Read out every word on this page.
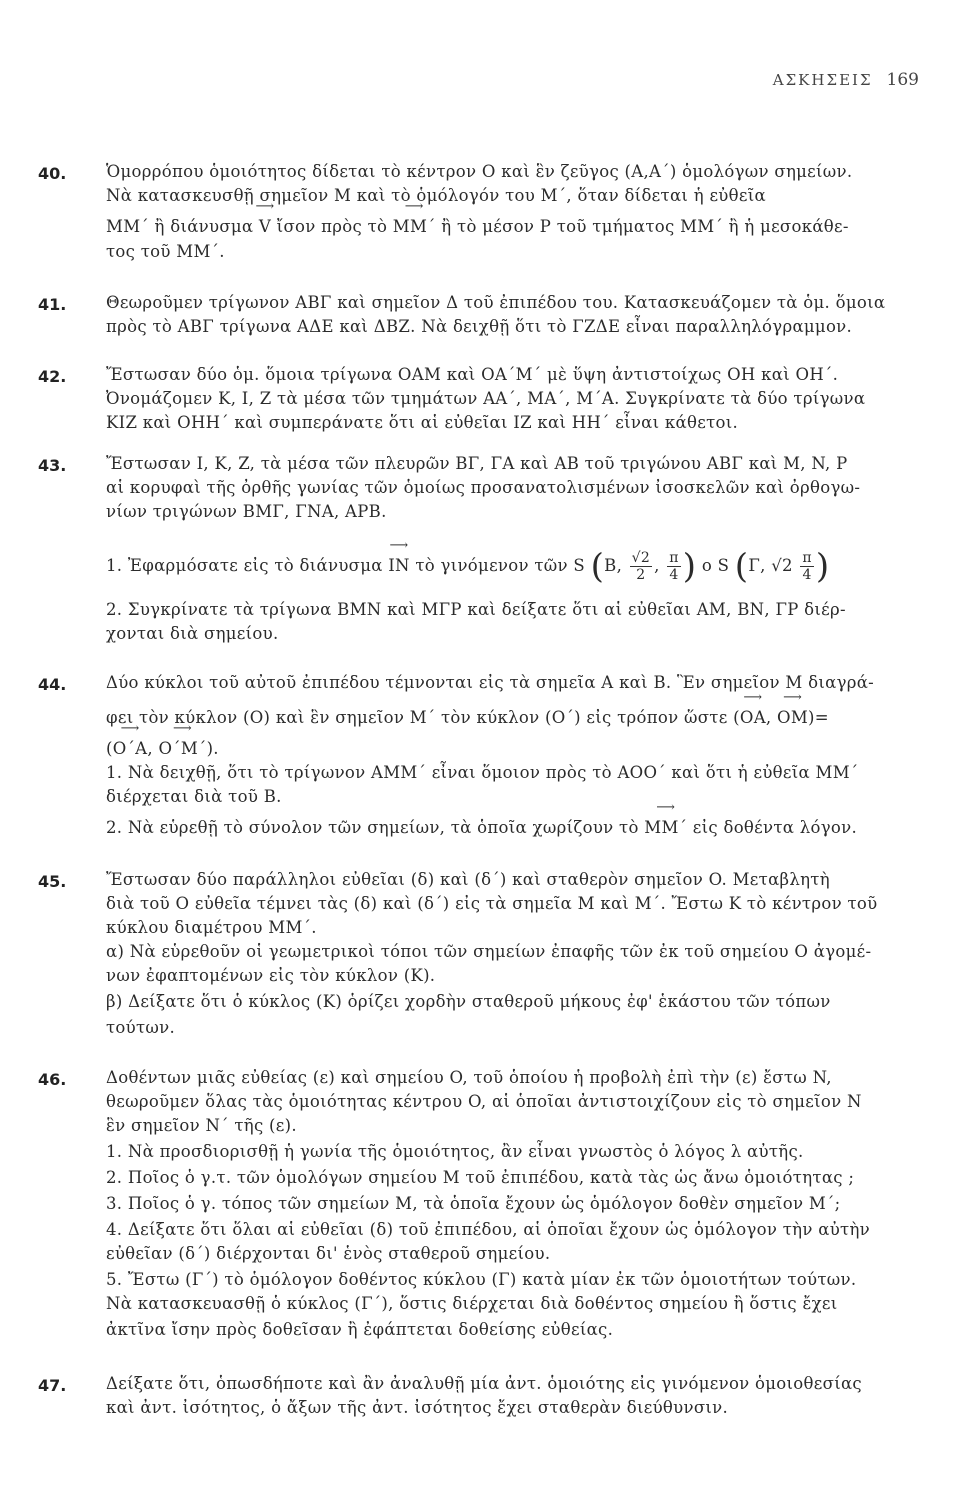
ΑΣΚΗΣΕΙΣ 169
40. Ὁμορρόπου ὁμοιότητος δίδεται τὸ κέντρον O καὶ ἓν ζεῦγος (A,A΄) ὁμολόγων σημείων.
Νὰ κατασκευσθῇ σημεῖον M καὶ τὸ ὁμόλογόν του M΄, ὅταν δίδεται ἡ εὐθεῖα
MM΄ ἢ διάνυσμα ⟶ V ἴσον πρὸς τὸ ⟶ MM΄ ἢ τὸ μέσον P τοῦ τμήματος MM΄ ἢ ἡ μεσοκάθε-
τος τοῦ MM΄.
41. Θεωροῦμεν τρίγωνον ΑΒΓ καὶ σημεῖον Δ τοῦ ἐπιπέδου του. Κατασκευάζομεν τὰ ὁμ. ὅμοια
πρὸς τὸ ΑΒΓ τρίγωνα ΑΔΕ καὶ ΔΒΖ. Νὰ δειχθῇ ὅτι τὸ ΓΖΔΕ εἶναι παραλληλόγραμμον.
42. Ἔστωσαν δύο ὁμ. ὅμοια τρίγωνα ΟΑΜ καὶ ΟΑ΄Μ΄ μὲ ὕψη ἀντιστοίχως ΟΗ καὶ ΟΗ΄.
Ὀνομάζομεν K, I, Z τὰ μέσα τῶν τμημάτων ΑΑ΄, ΜΑ΄, Μ΄Α. Συγκρίνατε τὰ δύο τρίγωνα
ΚΙΖ καὶ ΟΗΗ΄ καὶ συμπεράνατε ὅτι αἱ εὐθεῖαι ΙΖ καὶ ΗΗ΄ εἶναι κάθετοι.
43. Ἔστωσαν I, K, Z, τὰ μέσα τῶν πλευρῶν ΒΓ, ΓΑ καὶ ΑΒ τοῦ τριγώνου ΑΒΓ καὶ M, N, P
αἱ κορυφαὶ τῆς ὀρθῆς γωνίας τῶν ὁμοίως προσανατολισμένων ἰσοσκελῶν καὶ ὀρθογω-
νίων τριγώνων ΒΜΓ, ΓΝΑ, ΑΡΒ.
1. Ἐφαρμόσατε εἰς τὸ διάνυσμα ⟶ IN τὸ γινόμενον τῶν S (B, $\frac{√2}{2}$ , $\frac{\pi}{4}$ ) o S (Γ, $√2 \frac{\pi}{4}$ )
2. Συγκρίνατε τὰ τρίγωνα ΒΜΝ καὶ ΜΓΡ καὶ δείξατε ὅτι αἱ εὐθεῖαι ΑΜ, ΒΝ, ΓΡ διέρ-
χονται διὰ σημείου.
44. Δύο κύκλοι τοῦ αὐτοῦ ἐπιπέδου τέμνονται εἰς τὰ σημεῖα A καὶ B. Ἓν σημεῖον M διαγρά-
φει τὸν κύκλον (O) καὶ ἓν σημεῖον M΄ τὸν κύκλον (O΄) εἰς τρόπον ὥστε (⟶ OA, ⟶ OM)=
(⟶ O΄A, ⟶ O΄M΄).
1. Νὰ δειχθῇ, ὅτι τὸ τρίγωνον ΑΜΜ΄ εἶναι ὅμοιον πρὸς τὸ ΑΟΟ΄ καὶ ὅτι ἡ εὐθεῖα ΜΜ΄
διέρχεται διὰ τοῦ B.
2. Νὰ εὑρεθῇ τὸ σύνολον τῶν σημείων, τὰ ὁποῖα χωρίζουν τὸ ⟶ MM΄ εἰς δοθέντα λόγον.
45. Ἔστωσαν δύο παράλληλοι εὐθεῖαι (δ) καὶ (δ΄) καὶ σταθερὸν σημεῖον O. Μεταβλητὴ
διὰ τοῦ O εὐθεῖα τέμνει τὰς (δ) καὶ (δ΄) εἰς τὰ σημεῖα M καὶ M΄. Ἔστω K τὸ κέντρον τοῦ
κύκλου διαμέτρου MM΄.
α) Νὰ εὑρεθοῦν οἱ γεωμετρικοὶ τόποι τῶν σημείων ἐπαφῆς τῶν ἐκ τοῦ σημείου O ἀγομέ-
νων ἐφαπτομένων εἰς τὸν κύκλον (K).
β) Δείξατε ὅτι ὁ κύκλος (K) ὁρίζει χορδὴν σταθεροῦ μήκους ἐφ' ἑκάστου τῶν τόπων
τούτων.
46. Δοθέντων μιᾶς εὐθείας (ε) καὶ σημείου O, τοῦ ὁποίου ἡ προβολὴ ἐπὶ τὴν (ε) ἔστω N,
θεωροῦμεν ὅλας τὰς ὁμοιότητας κέντρου O, αἱ ὁποῖαι ἀντιστοιχίζουν εἰς τὸ σημεῖον N
ἓν σημεῖον N΄ τῆς (ε).
1. Νὰ προσδιορισθῇ ἡ γωνία τῆς ὁμοιότητος, ἂν εἶναι γνωστὸς ὁ λόγος λ αὐτῆς.
2. Ποῖος ὁ γ.τ. τῶν ὁμολόγων σημείου M τοῦ ἐπιπέδου, κατὰ τὰς ὡς ἄνω ὁμοιότητας ;
3. Ποῖος ὁ γ. τόπος τῶν σημείων M, τὰ ὁποῖα ἔχουν ὡς ὁμόλογον δοθὲν σημεῖον M΄;
4. Δείξατε ὅτι ὅλαι αἱ εὐθεῖαι (δ) τοῦ ἐπιπέδου, αἱ ὁποῖαι ἔχουν ὡς ὁμόλογον τὴν αὐτὴν
εὐθεῖαν (δ΄) διέρχονται δι' ἑνὸς σταθεροῦ σημείου.
5. Ἔστω (Γ΄) τὸ ὁμόλογον δοθέντος κύκλου (Γ) κατὰ μίαν ἐκ τῶν ὁμοιοτήτων τούτων.
Νὰ κατασκευασθῇ ὁ κύκλος (Γ΄), ὅστις διέρχεται διὰ δοθέντος σημείου ἢ ὅστις ἔχει
ἀκτῖνα ἴσην πρὸς δοθεῖσαν ἢ ἐφάπτεται δοθείσης εὐθείας.
47. Δείξατε ὅτι, ὁπωσδήποτε καὶ ἂν ἀναλυθῇ μία ἀντ. ὁμοιότης εἰς γινόμενον ὁμοιοθεσίας
καὶ ἀντ. ἰσότητος, ὁ ἄξων τῆς ἀντ. ἰσότητος ἔχει σταθερὰν διεύθυνσιν.
